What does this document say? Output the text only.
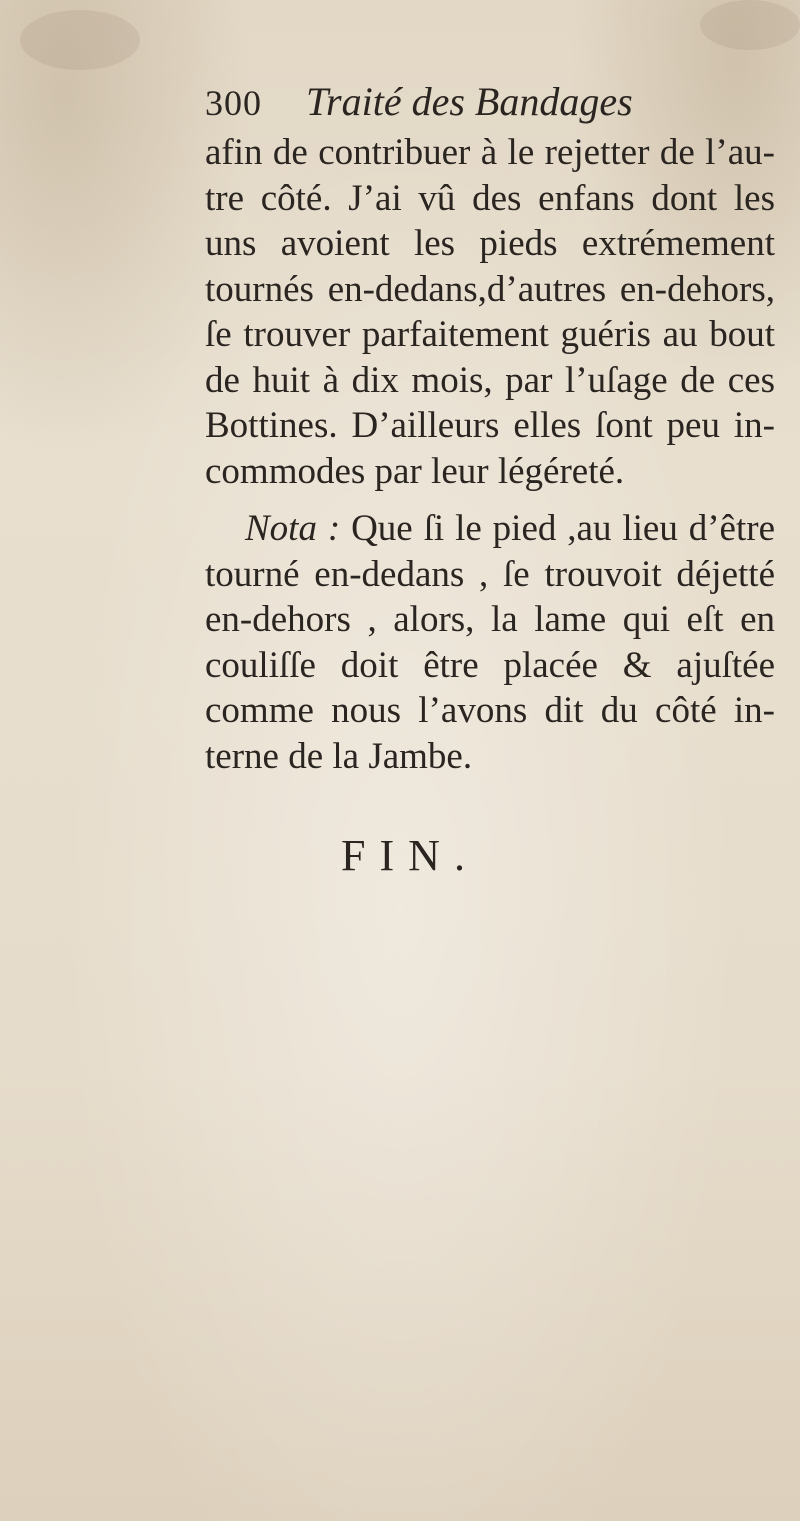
300 Traité des Bandages
afin de contribuer à le rejetter de l’au-
tre côté. J’ai vû des enfans dont les
uns avoient les pieds extrémement
tournés en-dedans,d’autres en-dehors,
ſe trouver parfaitement guéris au bout
de huit à dix mois, par l’uſage de ces
Bottines. D’ailleurs elles ſont peu in-
commodes par leur légéreté.
Nota : Que ſi le pied ,au lieu d’être
tourné en-dedans , ſe trouvoit déjetté
en-dehors , alors, la lame qui eſt en
couliſſe doit être placée & ajuſtée
comme nous l’avons dit du côté in-
terne de la Jambe.
FIN.
